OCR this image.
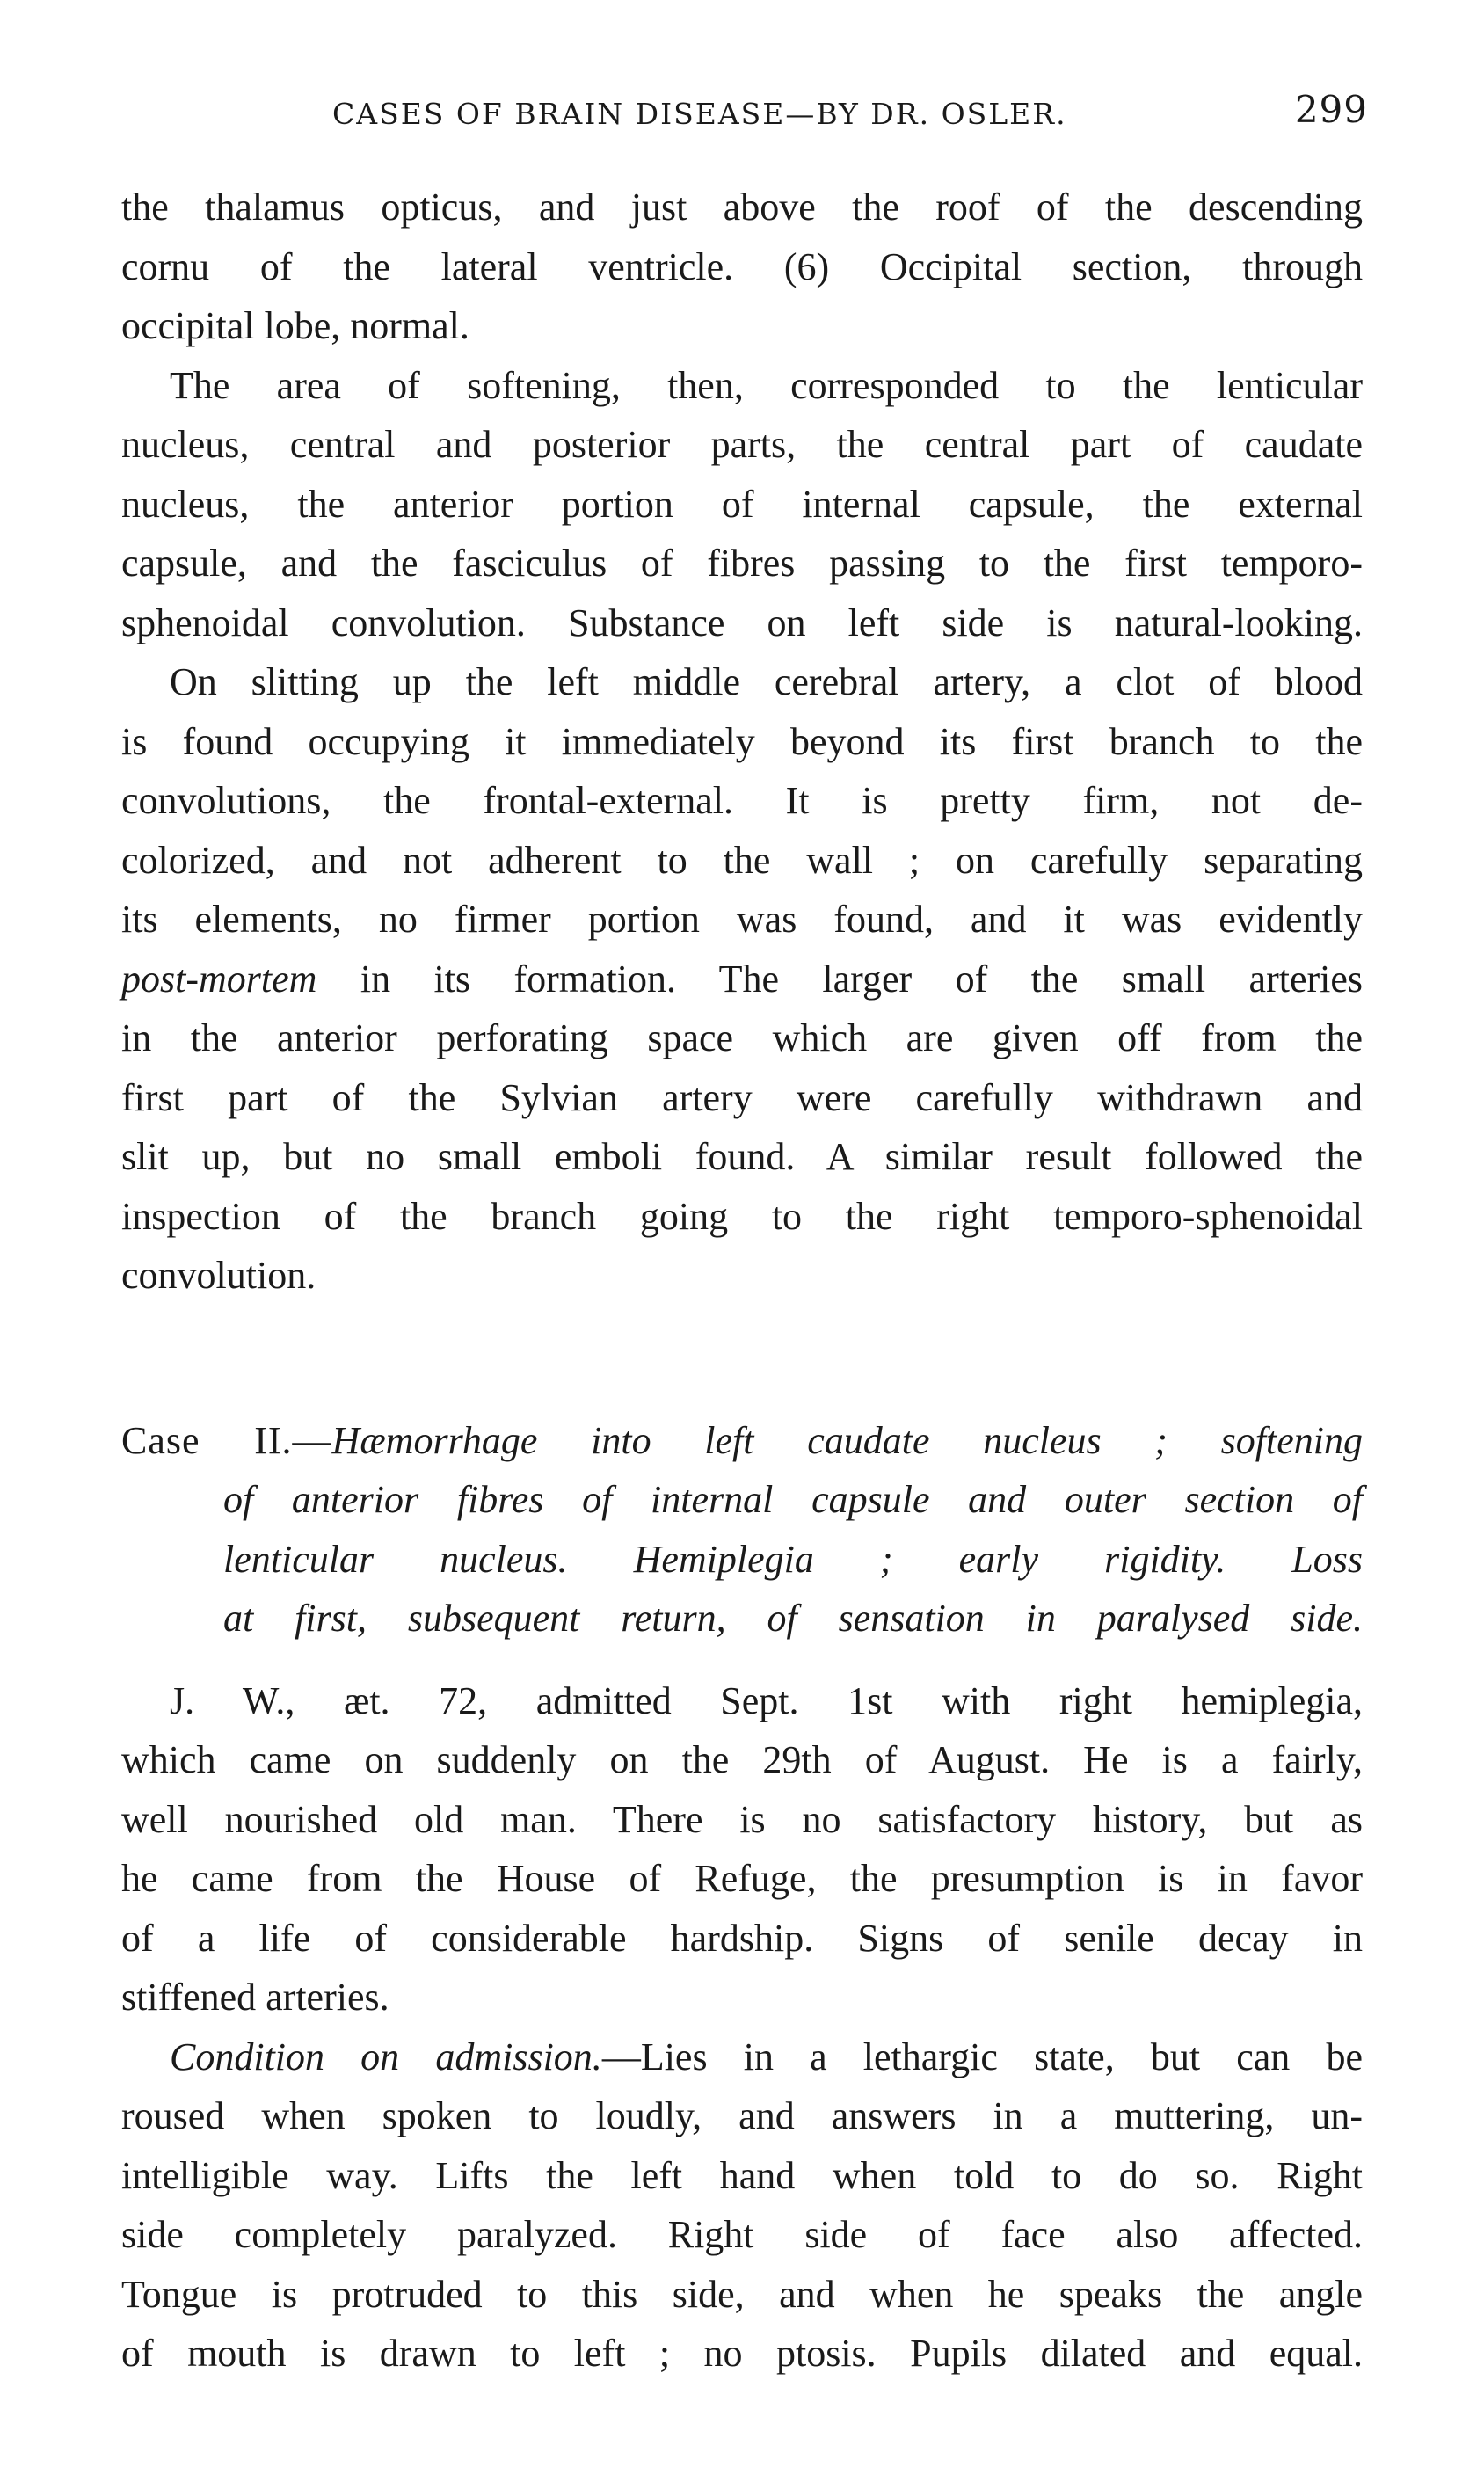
CASES OF BRAIN DISEASE—BY DR. OSLER.	299

the thalamus opticus, and just above the roof of the descending
cornu of the lateral ventricle. (6) Occipital section, through
occipital lobe, normal.

The area of softening, then, corresponded to the lenticular
nucleus, central and posterior parts, the central part of caudate
nucleus, the anterior portion of internal capsule, the external
capsule, and the fasciculus of fibres passing to the first temporo-
sphenoidal convolution. Substance on left side is natural-looking.

On slitting up the left middle cerebral artery, a clot of blood
is found occupying it immediately beyond its first branch to the
convolutions, the frontal-external. It is pretty firm, not de-
colorized, and not adherent to the wall ; on carefully separating
its elements, no firmer portion was found, and it was evidently
post-mortem in its formation. The larger of the small arteries
in the anterior perforating space which are given off from the
first part of the Sylvian artery were carefully withdrawn and
slit up, but no small emboli found. A similar result followed the
inspection of the branch going to the right temporo-sphenoidal
convolution.

Case II.—Hæmorrhage into left caudate nucleus ; softening
of anterior fibres of internal capsule and outer section of
lenticular nucleus. Hemiplegia ; early rigidity. Loss
at first, subsequent return, of sensation in paralysed side.

J. W., æt. 72, admitted Sept. 1st with right hemiplegia,
which came on suddenly on the 29th of August. He is a fairly,
well nourished old man. There is no satisfactory history, but as
he came from the House of Refuge, the presumption is in favor
of a life of considerable hardship. Signs of senile decay in
stiffened arteries.

Condition on admission.—Lies in a lethargic state, but can be
roused when spoken to loudly, and answers in a muttering, un-
intelligible way. Lifts the left hand when told to do so. Right
side completely paralyzed. Right side of face also affected.
Tongue is protruded to this side, and when he speaks the angle
of mouth is drawn to left ; no ptosis. Pupils dilated and equal.
